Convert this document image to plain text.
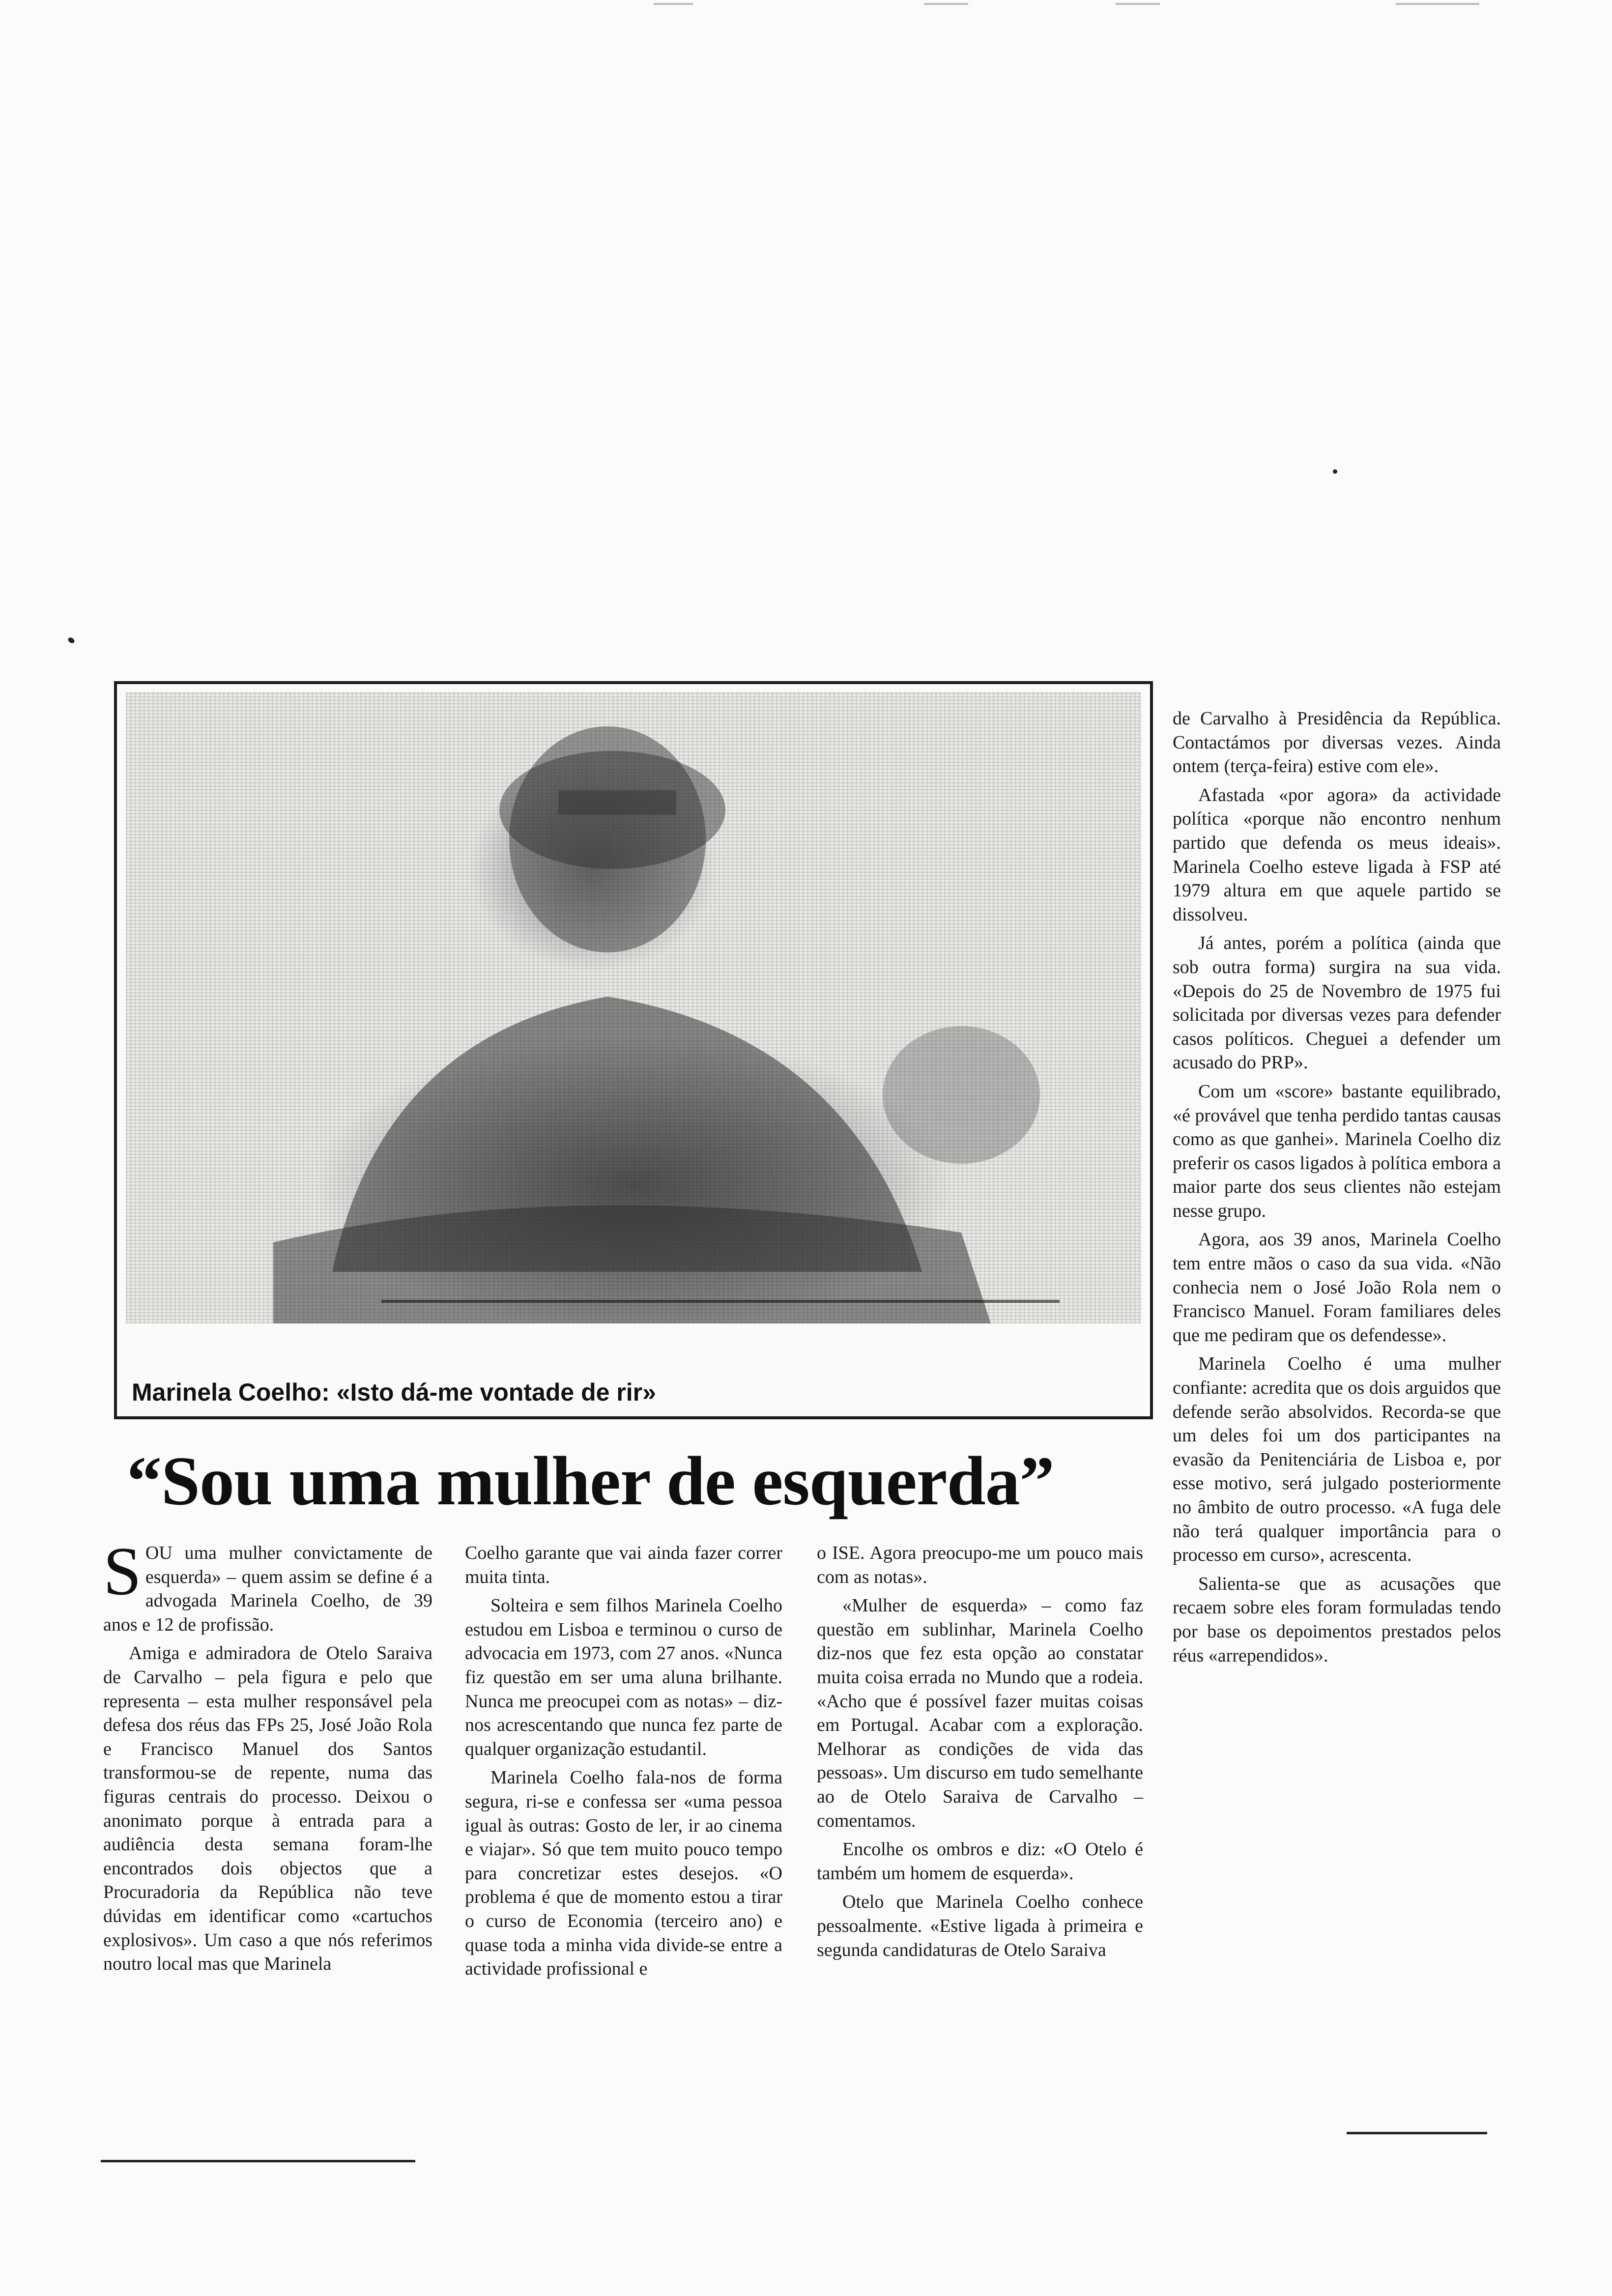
Marinela Coelho: «Isto dá-me vontade de rir»
“Sou uma mulher de esquerda”

SOU uma mulher convictamente de esquerda» – quem assim se define é a advogada Marinela Coelho, de 39 anos e 12 de profissão.

Amiga e admiradora de Otelo Saraiva de Carvalho – pela figura e pelo que representa – esta mulher responsável pela defesa dos réus das FPs 25, José João Rola e Francisco Manuel dos Santos transformou-se de repente, numa das figuras centrais do processo. Deixou o anonimato porque à entrada para a audiência desta semana foram-lhe encontrados dois objectos que a Procuradoria da República não teve dúvidas em identificar como «cartuchos explosivos». Um caso a que nós referimos noutro local mas que Marinela

Coelho garante que vai ainda fazer correr muita tinta.

Solteira e sem filhos Marinela Coelho estudou em Lisboa e terminou o curso de advocacia em 1973, com 27 anos. «Nunca fiz questão em ser uma aluna brilhante. Nunca me preocupei com as notas» – diz-nos acrescentando que nunca fez parte de qualquer organização estudantil.

Marinela Coelho fala-nos de forma segura, ri-se e confessa ser «uma pessoa igual às outras: Gosto de ler, ir ao cinema e viajar». Só que tem muito pouco tempo para concretizar estes desejos. «O problema é que de momento estou a tirar o curso de Economia (terceiro ano) e quase toda a minha vida divide-se entre a actividade profissional e

o ISE. Agora preocupo-me um pouco mais com as notas».

«Mulher de esquerda» – como faz questão em sublinhar, Marinela Coelho diz-nos que fez esta opção ao constatar muita coisa errada no Mundo que a rodeia. «Acho que é possível fazer muitas coisas em Portugal. Acabar com a exploração. Melhorar as condições de vida das pessoas». Um discurso em tudo semelhante ao de Otelo Saraiva de Carvalho – comentamos.

Encolhe os ombros e diz: «O Otelo é também um homem de esquerda».

Otelo que Marinela Coelho conhece pessoalmente. «Estive ligada à primeira e segunda candidaturas de Otelo Saraiva

de Carvalho à Presidência da República. Contactámos por diversas vezes. Ainda ontem (terça-feira) estive com ele».

Afastada «por agora» da actividade política «porque não encontro nenhum partido que defenda os meus ideais». Marinela Coelho esteve ligada à FSP até 1979 altura em que aquele partido se dissolveu.

Já antes, porém a política (ainda que sob outra forma) surgira na sua vida. «Depois do 25 de Novembro de 1975 fui solicitada por diversas vezes para defender casos políticos. Cheguei a defender um acusado do PRP».

Com um «score» bastante equilibrado, «é provável que tenha perdido tantas causas como as que ganhei». Marinela Coelho diz preferir os casos ligados à política embora a maior parte dos seus clientes não estejam nesse grupo.

Agora, aos 39 anos, Marinela Coelho tem entre mãos o caso da sua vida. «Não conhecia nem o José João Rola nem o Francisco Manuel. Foram familiares deles que me pediram que os defendesse».

Marinela Coelho é uma mulher confiante: acredita que os dois arguidos que defende serão absolvidos. Recorda-se que um deles foi um dos participantes na evasão da Penitenciária de Lisboa e, por esse motivo, será julgado posteriormente no âmbito de outro processo. «A fuga dele não terá qualquer importância para o processo em curso», acrescenta.

Salienta-se que as acusações que recaem sobre eles foram formuladas tendo por base os depoimentos prestados pelos réus «arrependidos».
